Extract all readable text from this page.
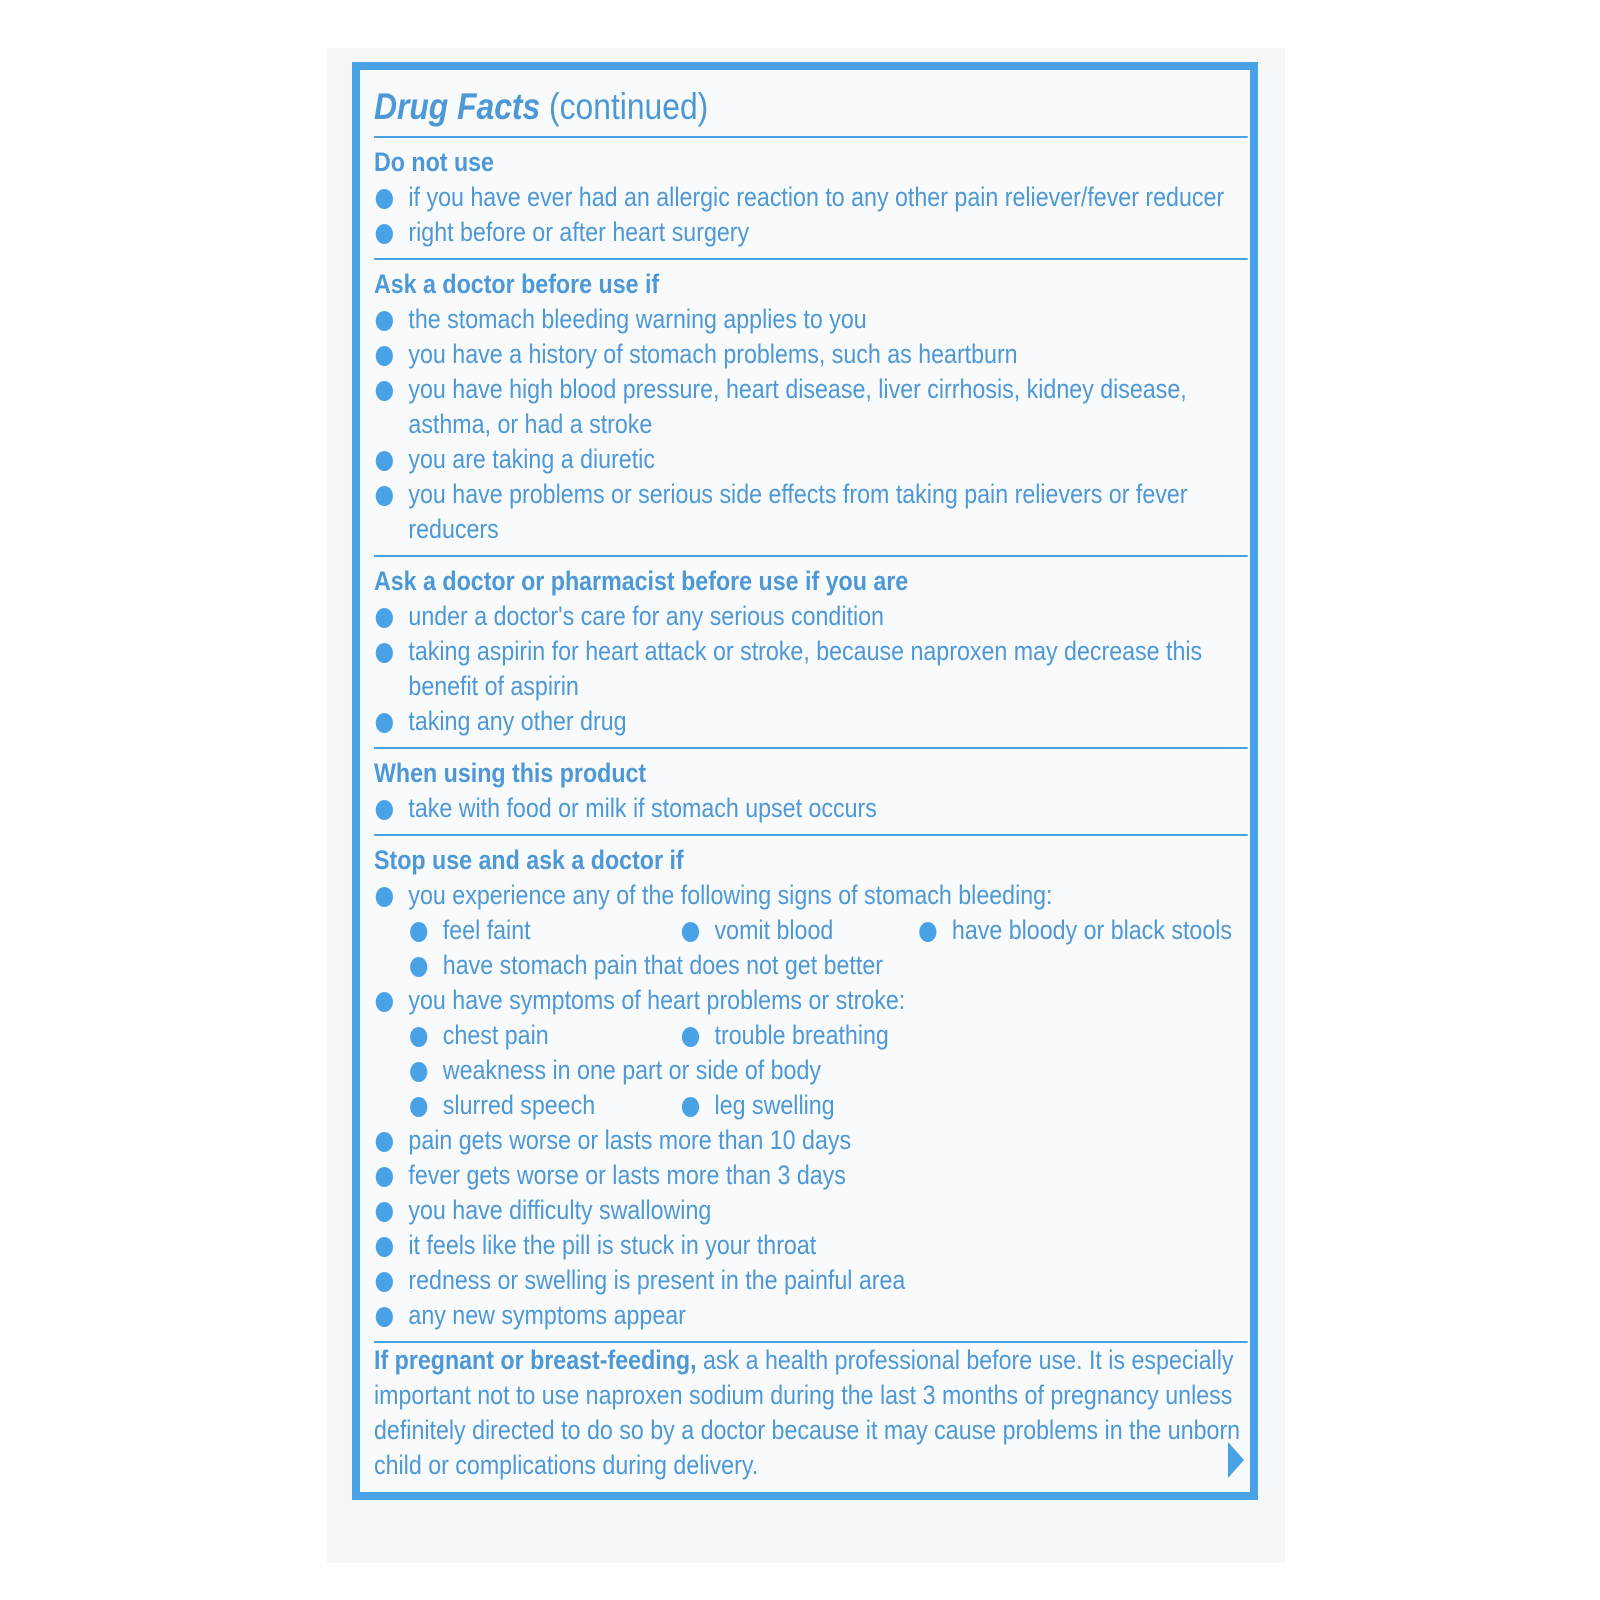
Drug Facts (continued)
Do not use
if you have ever had an allergic reaction to any other pain reliever/fever reducer
right before or after heart surgery
Ask a doctor before use if
the stomach bleeding warning applies to you
you have a history of stomach problems, such as heartburn
you have high blood pressure, heart disease, liver cirrhosis, kidney disease, asthma, or had a stroke
you are taking a diuretic
you have problems or serious side effects from taking pain relievers or fever reducers
Ask a doctor or pharmacist before use if you are
under a doctor's care for any serious condition
taking aspirin for heart attack or stroke, because naproxen may decrease this benefit of aspirin
taking any other drug
When using this product
take with food or milk if stomach upset occurs
Stop use and ask a doctor if
you experience any of the following signs of stomach bleeding:
feel faint	vomit blood	have bloody or black stools
have stomach pain that does not get better
you have symptoms of heart problems or stroke:
chest pain	trouble breathing
weakness in one part or side of body
slurred speech	leg swelling
pain gets worse or lasts more than 10 days
fever gets worse or lasts more than 3 days
you have difficulty swallowing
it feels like the pill is stuck in your throat
redness or swelling is present in the painful area
any new symptoms appear
If pregnant or breast-feeding, ask a health professional before use. It is especially important not to use naproxen sodium during the last 3 months of pregnancy unless definitely directed to do so by a doctor because it may cause problems in the unborn child or complications during delivery.
